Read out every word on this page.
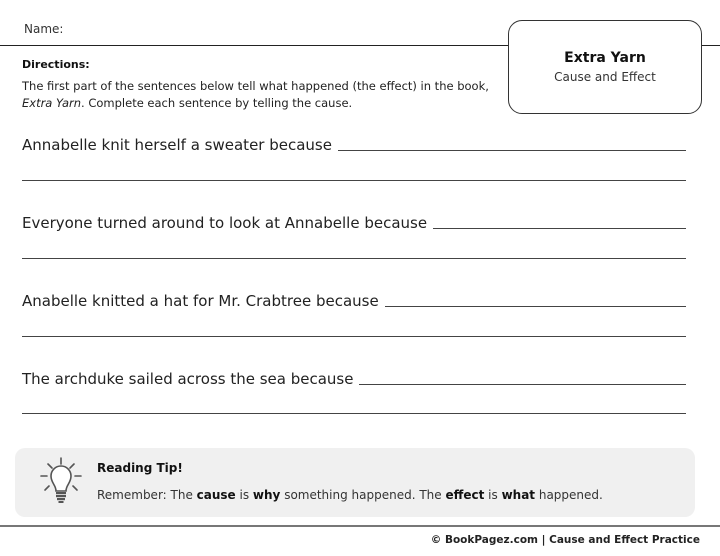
Name:
Extra Yarn
Cause and Effect
Directions:
The first part of the sentences below tell what happened (the effect) in the book, Extra Yarn. Complete each sentence by telling the cause.
Annabelle knit herself a sweater because
Everyone turned around to look at Annabelle because
Anabelle knitted a hat for Mr. Crabtree because
The archduke sailed across the sea because
Reading Tip!
Remember: The cause is why something happened. The effect is what happened.
© BookPagez.com | Cause and Effect Practice
